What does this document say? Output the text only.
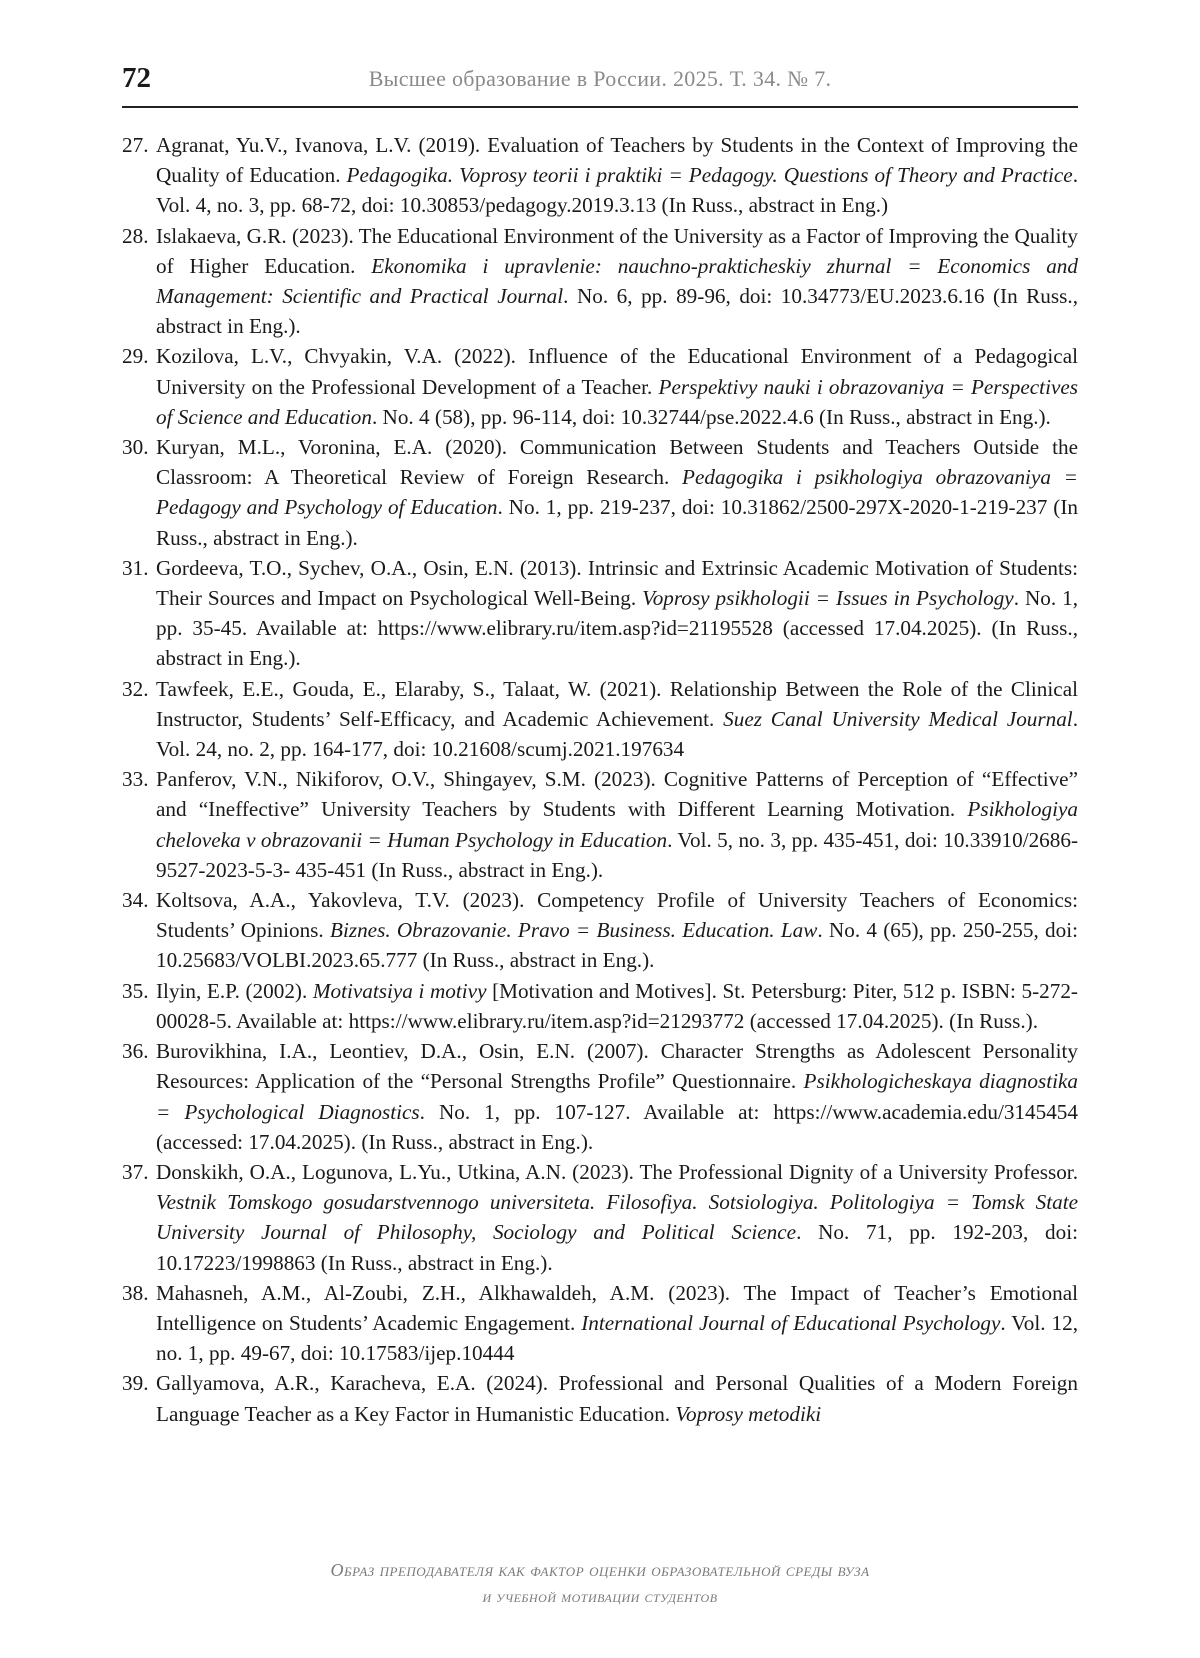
72	Высшее образование в России. 2025. Т. 34. № 7.
27. Agranat, Yu.V., Ivanova, L.V. (2019). Evaluation of Teachers by Students in the Context of Improving the Quality of Education. Pedagogika. Voprosy teorii i praktiki = Pedagogy. Questions of Theory and Practice. Vol. 4, no. 3, pp. 68-72, doi: 10.30853/pedagogy.2019.3.13 (In Russ., abstract in Eng.)
28. Islakaeva, G.R. (2023). The Educational Environment of the University as a Factor of Improving the Quality of Higher Education. Ekonomika i upravlenie: nauchno-prakticheskiy zhurnal = Economics and Management: Scientific and Practical Journal. No. 6, pp. 89-96, doi: 10.34773/EU.2023.6.16 (In Russ., abstract in Eng.).
29. Kozilova, L.V., Chvyakin, V.A. (2022). Influence of the Educational Environment of a Pedagogical University on the Professional Development of a Teacher. Perspektivy nauki i obrazovaniya = Perspectives of Science and Education. No. 4 (58), pp. 96-114, doi: 10.32744/pse.2022.4.6 (In Russ., abstract in Eng.).
30. Kuryan, M.L., Voronina, E.A. (2020). Communication Between Students and Teachers Outside the Classroom: A Theoretical Review of Foreign Research. Pedagogika i psikhologiya obrazovaniya = Pedagogy and Psychology of Education. No. 1, pp. 219-237, doi: 10.31862/2500-297X-2020-1-219-237 (In Russ., abstract in Eng.).
31. Gordeeva, T.O., Sychev, O.A., Osin, E.N. (2013). Intrinsic and Extrinsic Academic Motivation of Students: Their Sources and Impact on Psychological Well-Being. Voprosy psikhologii = Issues in Psychology. No. 1, pp. 35-45. Available at: https://www.elibrary.ru/item.asp?id=21195528 (accessed 17.04.2025). (In Russ., abstract in Eng.).
32. Tawfeek, E.E., Gouda, E., Elaraby, S., Talaat, W. (2021). Relationship Between the Role of the Clinical Instructor, Students’ Self-Efficacy, and Academic Achievement. Suez Canal University Medical Journal. Vol. 24, no. 2, pp. 164-177, doi: 10.21608/scumj.2021.197634
33. Panferov, V.N., Nikiforov, O.V., Shingayev, S.M. (2023). Cognitive Patterns of Perception of “Effective” and “Ineffective” University Teachers by Students with Different Learning Motivation. Psikhologiya cheloveka v obrazovanii = Human Psychology in Education. Vol. 5, no. 3, pp. 435-451, doi: 10.33910/2686-9527-2023-5-3- 435-451 (In Russ., abstract in Eng.).
34. Koltsova, A.A., Yakovleva, T.V. (2023). Competency Profile of University Teachers of Economics: Students’ Opinions. Biznes. Obrazovanie. Pravo = Business. Education. Law. No. 4 (65), pp. 250-255, doi: 10.25683/VOLBI.2023.65.777 (In Russ., abstract in Eng.).
35. Ilyin, E.P. (2002). Motivatsiya i motivy [Motivation and Motives]. St. Petersburg: Piter, 512 p. ISBN: 5-272-00028-5. Available at: https://www.elibrary.ru/item.asp?id=21293772 (accessed 17.04.2025). (In Russ.).
36. Burovikhina, I.A., Leontiev, D.A., Osin, E.N. (2007). Character Strengths as Adolescent Personality Resources: Application of the “Personal Strengths Profile” Questionnaire. Psikhologicheskaya diagnostika = Psychological Diagnostics. No. 1, pp. 107-127. Available at: https://www.academia.edu/3145454 (accessed: 17.04.2025). (In Russ., abstract in Eng.).
37. Donskikh, O.A., Logunova, L.Yu., Utkina, A.N. (2023). The Professional Dignity of a University Professor. Vestnik Tomskogo gosudarstvennogo universiteta. Filosofiya. Sotsiologiya. Politologiya = Tomsk State University Journal of Philosophy, Sociology and Political Science. No. 71, pp. 192-203, doi: 10.17223/1998863 (In Russ., abstract in Eng.).
38. Mahasneh, A.M., Al-Zoubi, Z.H., Alkhawaldeh, A.M. (2023). The Impact of Teacher’s Emotional Intelligence on Students’ Academic Engagement. International Journal of Educational Psychology. Vol. 12, no. 1, pp. 49-67, doi: 10.17583/ijep.10444
39. Gallyamova, A.R., Karacheva, E.A. (2024). Professional and Personal Qualities of a Modern Foreign Language Teacher as a Key Factor in Humanistic Education. Voprosy metodiki
Образ преподавателя как фактор оценки образовательной среды вуза
и учебной мотивации студентов
